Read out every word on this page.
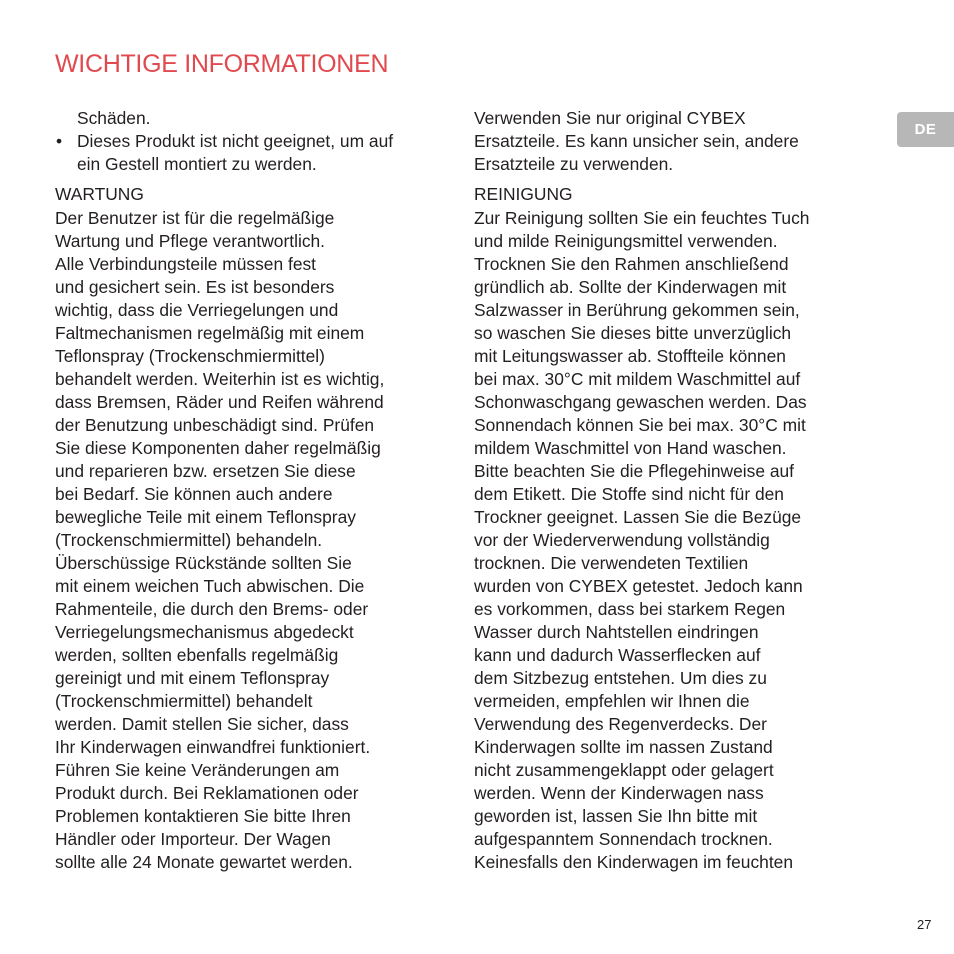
WICHTIGE INFORMATIONEN
DE
Schäden.
• Dieses Produkt ist nicht geeignet, um auf
ein Gestell montiert zu werden.
WARTUNG
Der Benutzer ist für die regelmäßige
Wartung und Pflege verantwortlich.
Alle Verbindungsteile müssen fest
und gesichert sein. Es ist besonders
wichtig, dass die Verriegelungen und
Faltmechanismen regelmäßig mit einem
Teflonspray (Trockenschmiermittel)
behandelt werden. Weiterhin ist es wichtig,
dass Bremsen, Räder und Reifen während
der Benutzung unbeschädigt sind. Prüfen
Sie diese Komponenten daher regelmäßig
und reparieren bzw. ersetzen Sie diese
bei Bedarf. Sie können auch andere
bewegliche Teile mit einem Teflonspray
(Trockenschmiermittel) behandeln.
Überschüssige Rückstände sollten Sie
mit einem weichen Tuch abwischen. Die
Rahmenteile, die durch den Brems- oder
Verriegelungsmechanismus abgedeckt
werden, sollten ebenfalls regelmäßig
gereinigt und mit einem Teflonspray
(Trockenschmiermittel) behandelt
werden. Damit stellen Sie sicher, dass
Ihr Kinderwagen einwandfrei funktioniert.
Führen Sie keine Veränderungen am
Produkt durch. Bei Reklamationen oder
Problemen kontaktieren Sie bitte Ihren
Händler oder Importeur. Der Wagen
sollte alle 24 Monate gewartet werden.
Verwenden Sie nur original CYBEX
Ersatzteile. Es kann unsicher sein, andere
Ersatzteile zu verwenden.
REINIGUNG
Zur Reinigung sollten Sie ein feuchtes Tuch
und milde Reinigungsmittel verwenden.
Trocknen Sie den Rahmen anschließend
gründlich ab. Sollte der Kinderwagen mit
Salzwasser in Berührung gekommen sein,
so waschen Sie dieses bitte unverzüglich
mit Leitungswasser ab. Stoffteile können
bei max. 30°C mit mildem Waschmittel auf
Schonwaschgang gewaschen werden. Das
Sonnendach können Sie bei max. 30°C mit
mildem Waschmittel von Hand waschen.
Bitte beachten Sie die Pflegehinweise auf
dem Etikett. Die Stoffe sind nicht für den
Trockner geeignet. Lassen Sie die Bezüge
vor der Wiederverwendung vollständig
trocknen. Die verwendeten Textilien
wurden von CYBEX getestet. Jedoch kann
es vorkommen, dass bei starkem Regen
Wasser durch Nahtstellen eindringen
kann und dadurch Wasserflecken auf
dem Sitzbezug entstehen. Um dies zu
vermeiden, empfehlen wir Ihnen die
Verwendung des Regenverdecks. Der
Kinderwagen sollte im nassen Zustand
nicht zusammengeklappt oder gelagert
werden. Wenn der Kinderwagen nass
geworden ist, lassen Sie Ihn bitte mit
aufgespanntem Sonnendach trocknen.
Keinesfalls den Kinderwagen im feuchten
27
